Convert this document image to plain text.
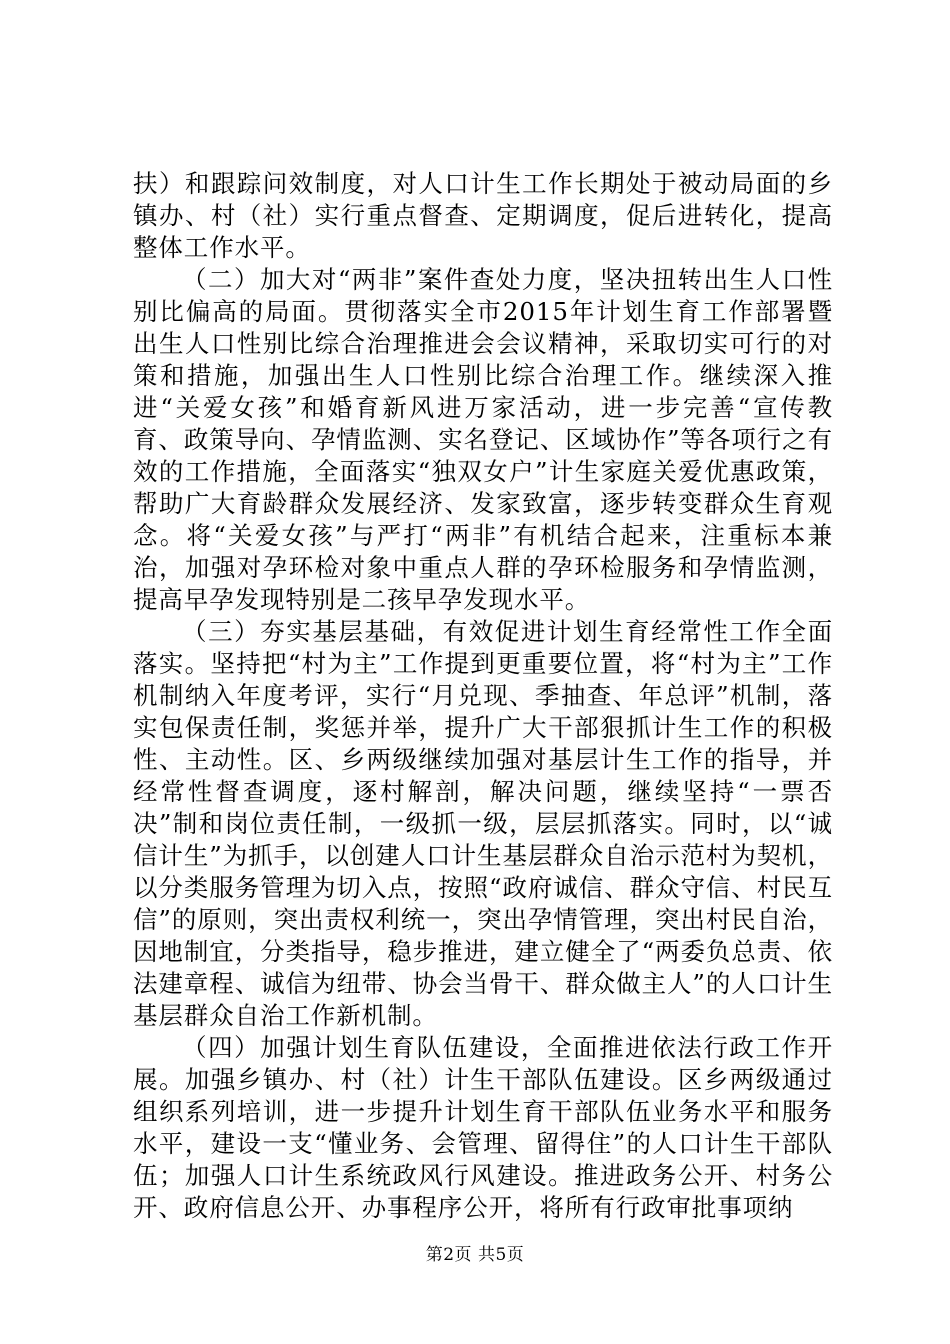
扶）和跟踪问效制度，对人口计生工作长期处于被动局面的乡镇办、村（社）实行重点督查、定期调度，促后进转化，提高整体工作水平。

（二）加大对“两非”案件查处力度，坚决扭转出生人口性别比偏高的局面。贯彻落实全市2015年计划生育工作部署暨出生人口性别比综合治理推进会会议精神，采取切实可行的对策和措施，加强出生人口性别比综合治理工作。继续深入推进“关爱女孩”和婚育新风进万家活动，进一步完善“宣传教育、政策导向、孕情监测、实名登记、区域协作”等各项行之有效的工作措施，全面落实“独双女户”计生家庭关爱优惠政策，帮助广大育龄群众发展经济、发家致富，逐步转变群众生育观念。将“关爱女孩”与严打“两非”有机结合起来，注重标本兼治，加强对孕环检对象中重点人群的孕环检服务和孕情监测，提高早孕发现特别是二孩早孕发现水平。

（三）夯实基层基础，有效促进计划生育经常性工作全面落实。坚持把“村为主”工作提到更重要位置，将“村为主”工作机制纳入年度考评，实行“月兑现、季抽查、年总评”机制，落实包保责任制，奖惩并举，提升广大干部狠抓计生工作的积极性、主动性。区、乡两级继续加强对基层计生工作的指导，并经常性督查调度，逐村解剖，解决问题，继续坚持“一票否决”制和岗位责任制，一级抓一级，层层抓落实。同时，以“诚信计生”为抓手，以创建人口计生基层群众自治示范村为契机，以分类服务管理为切入点，按照“政府诚信、群众守信、村民互信”的原则，突出责权利统一，突出孕情管理，突出村民自治，因地制宜，分类指导，稳步推进，建立健全了“两委负总责、依法建章程、诚信为纽带、协会当骨干、群众做主人”的人口计生基层群众自治工作新机制。

（四）加强计划生育队伍建设，全面推进依法行政工作开展。加强乡镇办、村（社）计生干部队伍建设。区乡两级通过组织系列培训，进一步提升计划生育干部队伍业务水平和服务水平，建设一支“懂业务、会管理、留得住”的人口计生干部队伍；加强人口计生系统政风行风建设。推进政务公开、村务公开、政府信息公开、办事程序公开，将所有行政审批事项纳

第2页 共5页
